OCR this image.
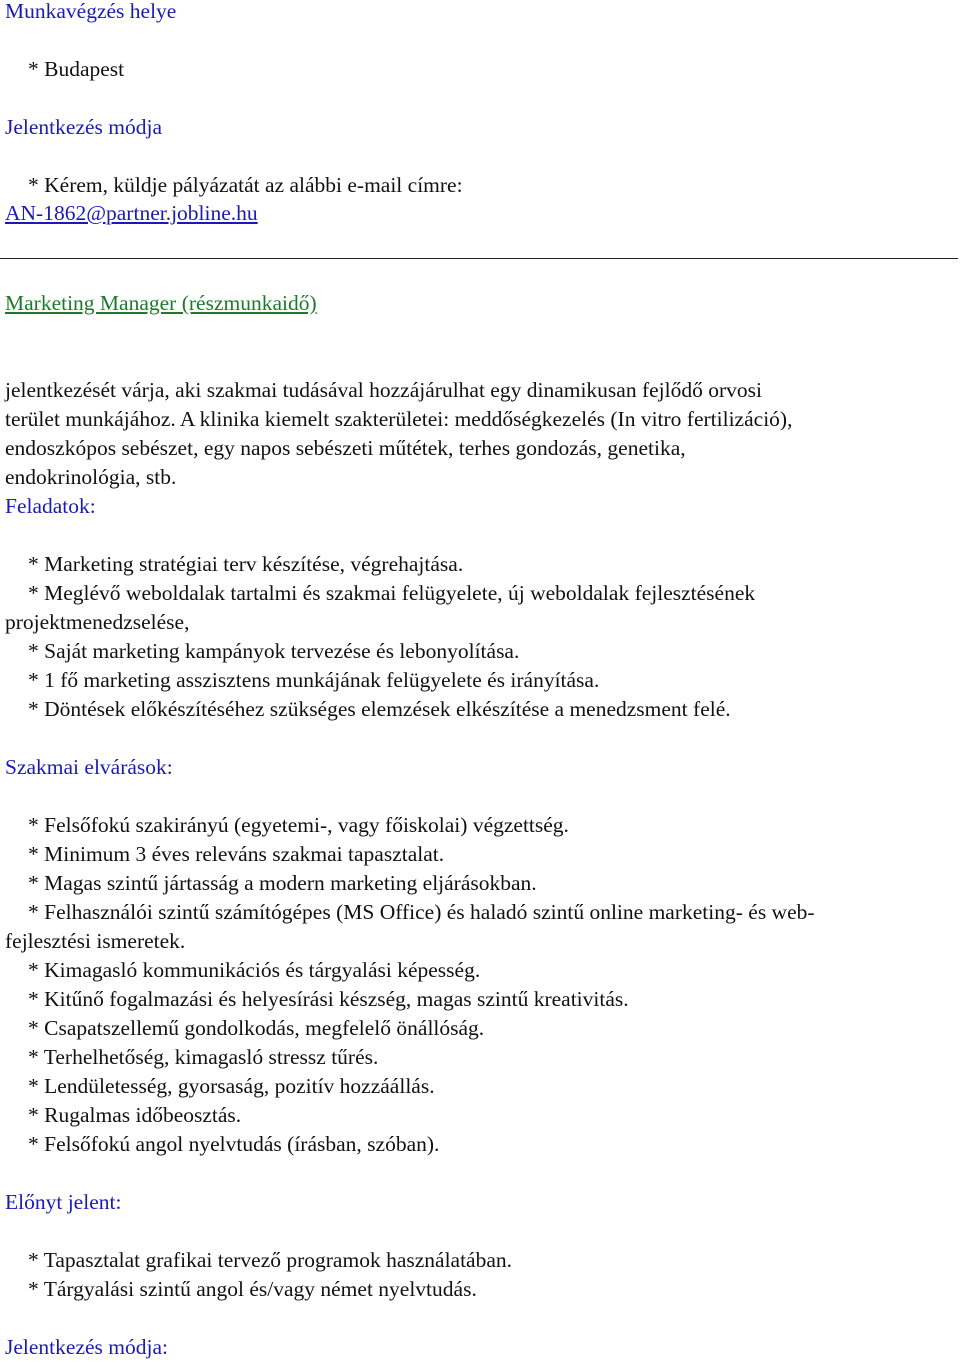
Munkavégzés helye
* Budapest
Jelentkezés módja
* Kérem, küldje pályázatát az alábbi e-mail címre:
AN-1862@partner.jobline.hu
Marketing Manager (részmunkaidő)
jelentkezését várja, aki szakmai tudásával hozzájárulhat egy dinamikusan fejlődő orvosi
terület munkájához. A klinika kiemelt szakterületei: meddőségkezelés (In vitro fertilizáció),
endoszkópos sebészet, egy napos sebészeti műtétek, terhes gondozás, genetika,
endokrinológia, stb.
Feladatok:
* Marketing stratégiai terv készítése, végrehajtása.
* Meglévő weboldalak tartalmi és szakmai felügyelete, új weboldalak fejlesztésének
projektmenedzselése,
* Saját marketing kampányok tervezése és lebonyolítása.
* 1 fő marketing asszisztens munkájának felügyelete és irányítása.
* Döntések előkészítéséhez szükséges elemzések elkészítése a menedzsment felé.
Szakmai elvárások:
* Felsőfokú szakirányú (egyetemi-, vagy főiskolai) végzettség.
* Minimum 3 éves releváns szakmai tapasztalat.
* Magas szintű jártasság a modern marketing eljárásokban.
* Felhasználói szintű számítógépes (MS Office) és haladó szintű online marketing- és web-
fejlesztési ismeretek.
* Kimagasló kommunikációs és tárgyalási képesség.
* Kitűnő fogalmazási és helyesírási készség, magas szintű kreativitás.
* Csapatszellemű gondolkodás, megfelelő önállóság.
* Terhelhetőség, kimagasló stressz tűrés.
* Lendületesség, gyorsaság, pozitív hozzáállás.
* Rugalmas időbeosztás.
* Felsőfokú angol nyelvtudás (írásban, szóban).
Előnyt jelent:
* Tapasztalat grafikai tervező programok használatában.
* Tárgyalási szintű angol és/vagy német nyelvtudás.
Jelentkezés módja:
